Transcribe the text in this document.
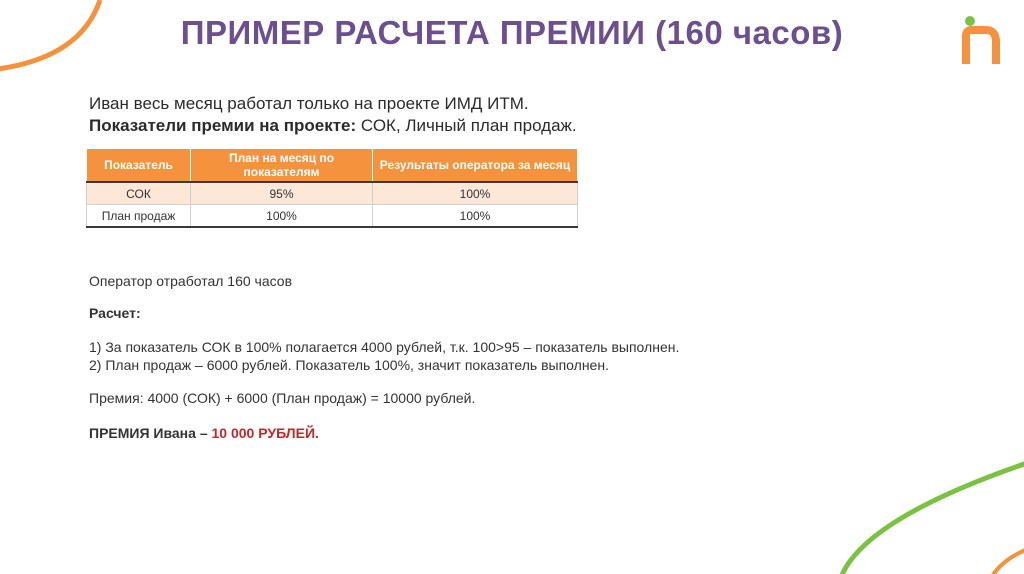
ПРИМЕР РАСЧЕТА ПРЕМИИ (160 часов)
Иван весь месяц работал только на проекте ИМД ИТМ.
Показатели премии на проекте: СОК, Личный план продаж.
Показатель	План на месяц по показателям	Результаты оператора за месяц
СОК	95%	100%
План продаж	100%	100%
Оператор отработал 160 часов
Расчет:
1) За показатель СОК в 100% полагается 4000 рублей, т.к. 100>95 – показатель выполнен.
2) План продаж – 6000 рублей. Показатель 100%, значит показатель выполнен.
Премия: 4000 (СОК) + 6000 (План продаж) = 10000 рублей.
ПРЕМИЯ Ивана – 10 000 РУБЛЕЙ.
